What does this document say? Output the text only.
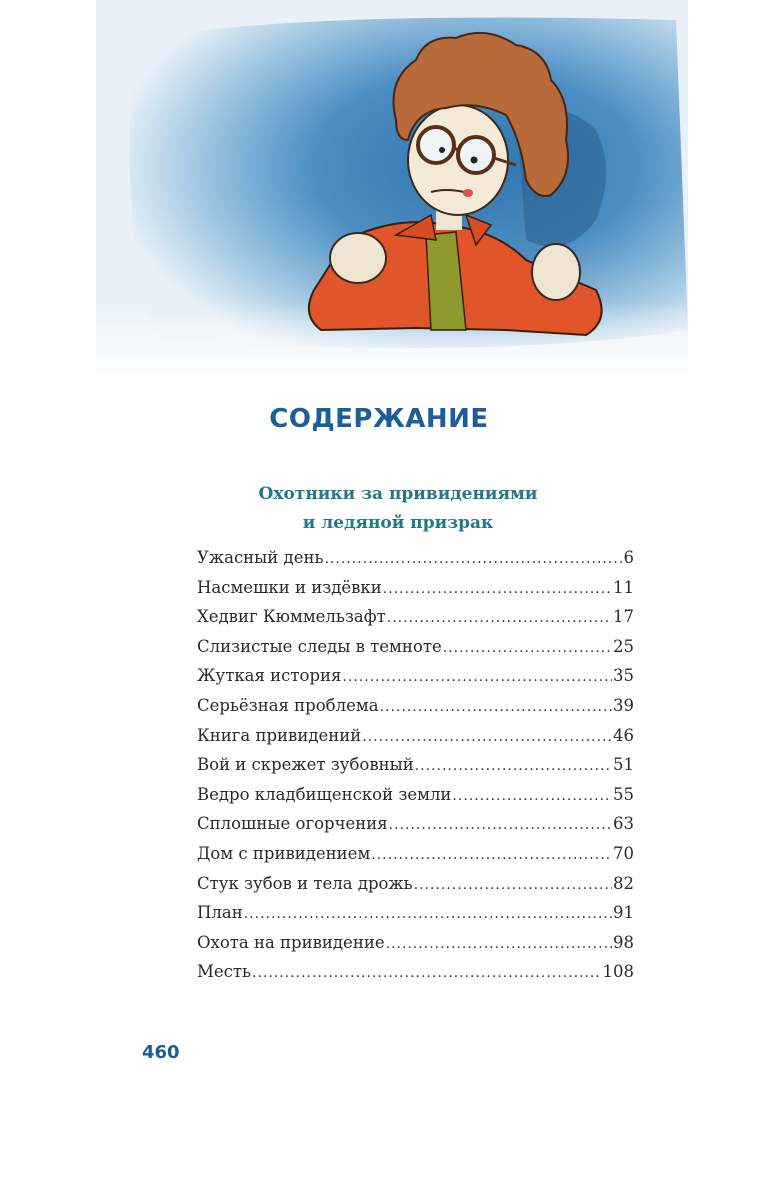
СОДЕРЖАНИЕ
Охотники за привидениями
и ледяной призрак
Ужасный день .....	6
Насмешки и издёвки .....	11
Хедвиг Кюммельзафт .....	17
Слизистые следы в темноте .....	25
Жуткая история .....	35
Серьёзная проблема .....	39
Книга привидений .....	46
Вой и скрежет зубовный .....	51
Ведро кладбищенской земли .....	55
Сплошные огорчения .....	63
Дом с привидением .....	70
Стук зубов и тела дрожь .....	82
План .....	91
Охота на привидение .....	98
Месть .....	108
460
